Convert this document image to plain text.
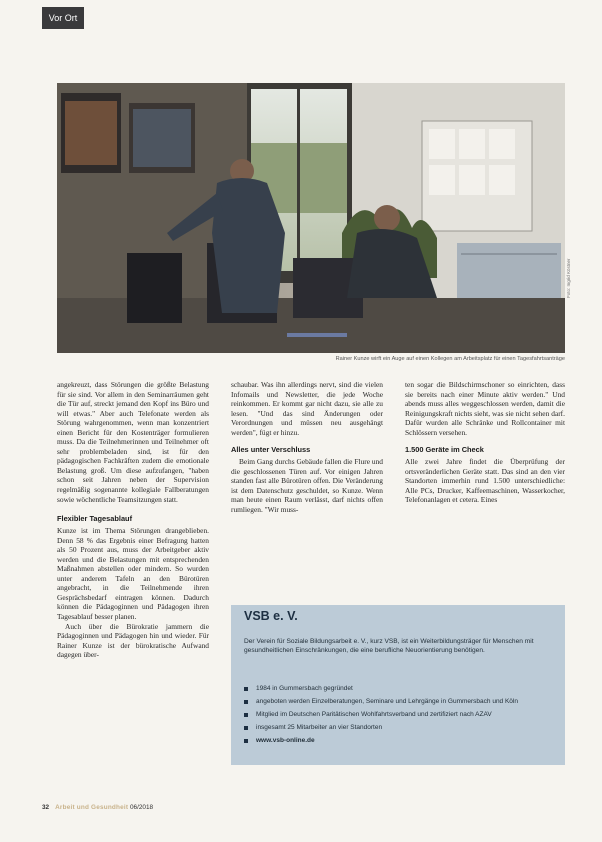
Vor Ort
Rainer Kunze wirft ein Auge auf einen Kollegen am Arbeitsplatz für einen Tagesfahrtsanträge
Foto: Ingrid Köstner

angekreuzt, dass Störungen die größte Belastung für sie sind. Vor allem in den Seminarräumen geht die Tür auf, streckt jemand den Kopf ins Büro und will etwas." Aber auch Telefonate werden als Störung wahrgenommen, wenn man konzentriert einen Bericht für den Kostenträger formulieren muss. Da die Teilnehmerinnen und Teilnehmer oft sehr problembeladen sind, ist für den pädagogischen Fachkräften zudem die emotionale Belastung groß. Um diese aufzufangen, "haben schon seit Jahren neben der Supervision regelmäßig sogenannte kollegiale Fallberatungen sowie wöchentliche Teamsitzungen statt.

Flexibler Tagesablauf

Kunze ist im Thema Störungen drangeblieben. Denn 58 % das Ergebnis einer Befragung hatten als 50 Prozent aus, muss der Arbeitgeber aktiv werden und die Belastungen mit entsprechenden Maßnahmen abstellen oder mindern. So wurden unter anderem Tafeln an den Bürotüren angebracht, in die Teilnehmende ihren Gesprächsbedarf eintragen können. Dadurch können die Pädagoginnen und Pädagogen ihren Tagesablauf besser planen.

Auch über die Bürokratie jammern die Pädagoginnen und Pädagogen hin und wieder. Für Rainer Kunze ist der bürokratische Aufwand dagegen über-

schaubar. Was ihn allerdings nervt, sind die vielen Infomails und Newsletter, die jede Woche reinkommen. Er kommt gar nicht dazu, sie alle zu lesen. "Und das sind Änderungen oder Verordnungen und müssen neu ausgehängt werden", fügt er hinzu.

Alles unter Verschluss

Beim Gang durchs Gebäude fallen die Flure und die geschlossenen Türen auf. Vor einigen Jahren standen fast alle Bürotüren offen. Die Veränderung ist dem Datenschutz geschuldet, so Kunze. Wenn man heute einen Raum verlässt, darf nichts offen rumliegen. "Wir muss-

ten sogar die Bildschirmschoner so einrichten, dass sie bereits nach einer Minute aktiv werden." Und abends muss alles weggeschlossen werden, damit die Reinigungskraft nichts sieht, was sie nicht sehen darf. Dafür wurden alle Schränke und Rollcontainer mit Schlössern versehen.

1.500 Geräte im Check

Alle zwei Jahre findet die Überprüfung der ortsveränderlichen Geräte statt. Das sind an den vier Standorten immerhin rund 1.500 unterschiedliche: Alle PCs, Drucker, Kaffeemaschinen, Wasserkocher, Telefonanlagen et cetera. Eines

VSB e. V.
Der Verein für Soziale Bildungsarbeit e. V., kurz VSB, ist ein Weiterbildungsträger für Menschen mit gesundheitlichen Einschränkungen, die eine berufliche Neuorientierung benötigen.
1984 in Gummersbach gegründet
angeboten werden Einzelberatungen, Seminare und Lehrgänge in Gummersbach und Köln
Mitglied im Deutschen Paritätischen Wohlfahrtsverband und zertifiziert nach AZAV
insgesamt 25 Mitarbeiter an vier Standorten
www.vsb-online.de
32 Arbeit und Gesundheit 06/2018
